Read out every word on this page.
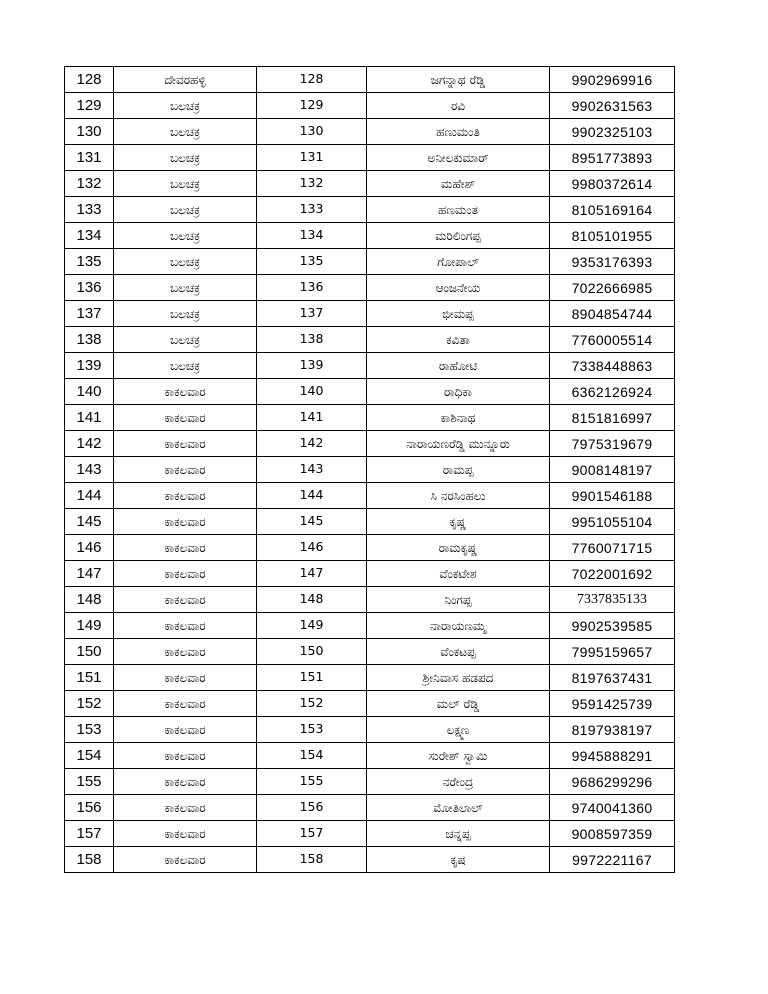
128	ದೇವರಹಳ್ಳಿ	128	ಜಗನ್ನಾಥ ರೆಡ್ಡಿ	9902969916
129	ಬಲಚಕ್ರ	129	ರವಿ	9902631563
130	ಬಲಚಕ್ರ	130	ಹಣುಮಂತಿ	9902325103
131	ಬಲಚಕ್ರ	131	ಅನೀಲಕುಮಾರ್	8951773893
132	ಬಲಚಕ್ರ	132	ಮಹೇಶ್	9980372614
133	ಬಲಚಕ್ರ	133	ಹಣಮಂತ	8105169164
134	ಬಲಚಕ್ರ	134	ಮರಿಲಿಂಗಪ್ಪ	8105101955
135	ಬಲಚಕ್ರ	135	ಗೋಪಾಲ್	9353176393
136	ಬಲಚಕ್ರ	136	ಆಂಜನೇಯ	7022666985
137	ಬಲಚಕ್ರ	137	ಭೀಮಪ್ಪ	8904854744
138	ಬಲಚಕ್ರ	138	ಕವಿತಾ	7760005514
139	ಬಲಚಕ್ರ	139	ರಾಹೋಟಿ	7338448863
140	ಕಾಕಲವಾರ	140	ರಾಧಿಕಾ	6362126924
141	ಕಾಕಲವಾರ	141	ಕಾಶಿನಾಥ	8151816997
142	ಕಾಕಲವಾರ	142	ನಾರಾಯಣರೆಡ್ಡಿ ಮುನ್ನೂರು	7975319679
143	ಕಾಕಲವಾರ	143	ರಾಮಪ್ಪ	9008148197
144	ಕಾಕಲವಾರ	144	ಸಿ ನರಸಿಂಹಲು	9901546188
145	ಕಾಕಲವಾರ	145	ಕೃಷ್ಣ	9951055104
146	ಕಾಕಲವಾರ	146	ರಾಮಕೃಷ್ಣ	7760071715
147	ಕಾಕಲವಾರ	147	ವೆಂಕಟೇಶ	7022001692
148	ಕಾಕಲವಾರ	148	ನಿಂಗಪ್ಪ	7337835133
149	ಕಾಕಲವಾರ	149	ನಾರಾಯಣಮ್ಮ	9902539585
150	ಕಾಕಲವಾರ	150	ವೆಂಕಟಪ್ಪ	7995159657
151	ಕಾಕಲವಾರ	151	ಶ್ರೀನಿವಾಸ ಹಡಪದ	8197637431
152	ಕಾಕಲವಾರ	152	ಮಲ್ ರೆಡ್ಡಿ	9591425739
153	ಕಾಕಲವಾರ	153	ಲಕ್ಷ್ಮಣ	8197938197
154	ಕಾಕಲವಾರ	154	ಸುರೇಶ್ ಸ್ವಾಮಿ	9945888291
155	ಕಾಕಲವಾರ	155	ನರೇಂದ್ರ	9686299296
156	ಕಾಕಲವಾರ	156	ಮೋತಿಲಾಲ್	9740041360
157	ಕಾಕಲವಾರ	157	ಚನ್ನಪ್ಪ	9008597359
158	ಕಾಕಲವಾರ	158	ಕೃಷ	9972221167
